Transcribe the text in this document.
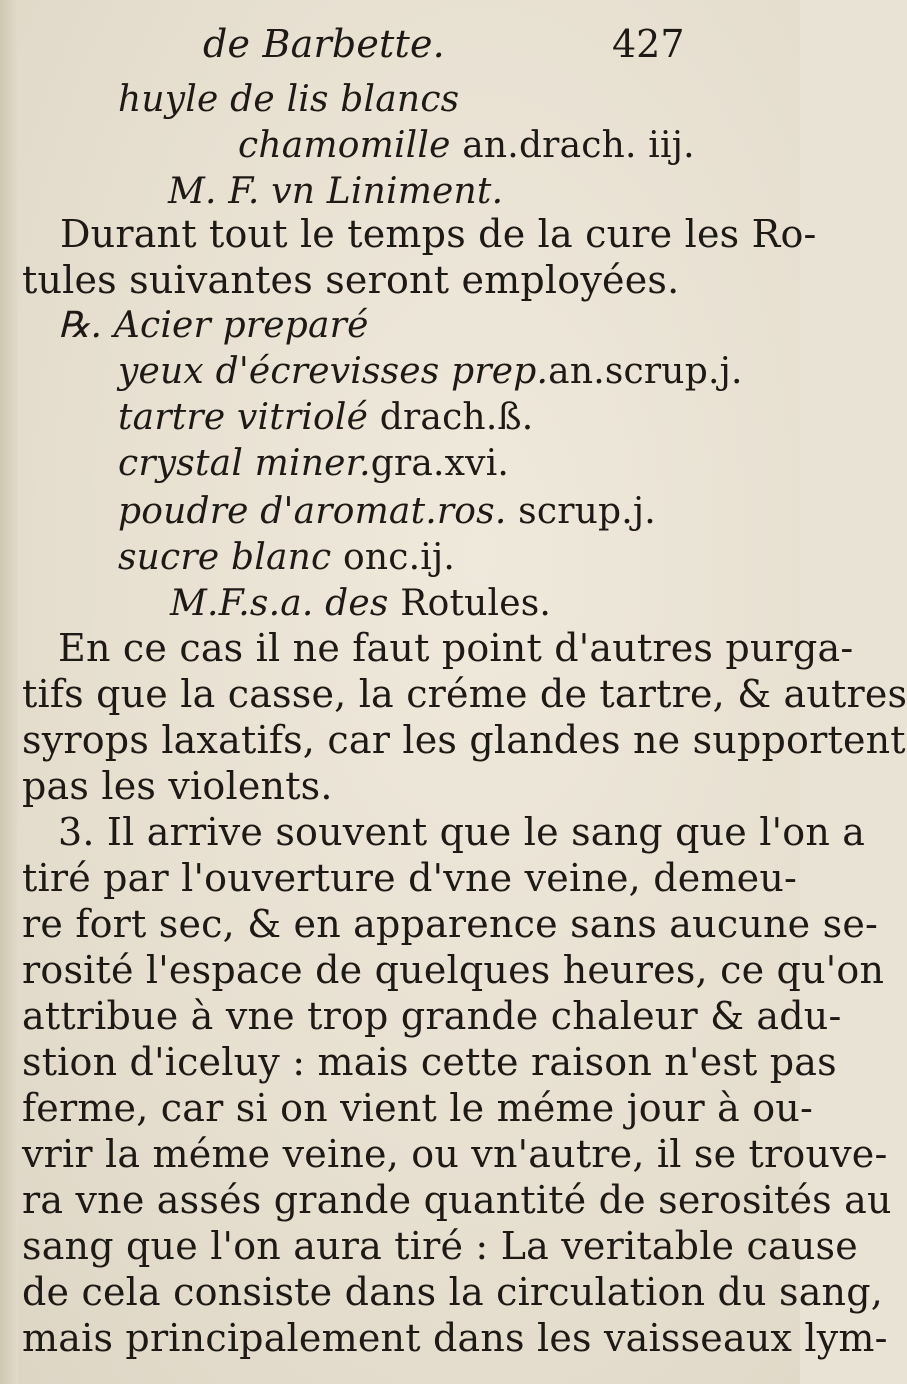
de Barbette.	427
huyle de lis blancs
chamomille an.drach. iij.
M. F. vn Liniment.
Durant tout le temps de la cure les Ro-
tules suivantes seront employées.
℞. Acier preparé
yeux d'écrevisses prep.an.scrup.j.
tartre vitriolé drach.ß.
crystal miner.gra.xvi.
poudre d'aromat.ros. scrup.j.
sucre blanc onc.ij.
M.F.s.a. des Rotules.
En ce cas il ne faut point d'autres purga-
tifs que la casse, la créme de tartre, & autres
syrops laxatifs, car les glandes ne supportent
pas les violents.
3. Il arrive souvent que le sang que l'on a
tiré par l'ouverture d'vne veine, demeu-
re fort sec, & en apparence sans aucune se-
rosité l'espace de quelques heures, ce qu'on
attribue à vne trop grande chaleur & adu-
stion d'iceluy : mais cette raison n'est pas
ferme, car si on vient le méme jour à ou-
vrir la méme veine, ou vn'autre, il se trouve-
ra vne assés grande quantité de serosités au
sang que l'on aura tiré : La veritable cause
de cela consiste dans la circulation du sang,
mais principalement dans les vaisseaux lym-
